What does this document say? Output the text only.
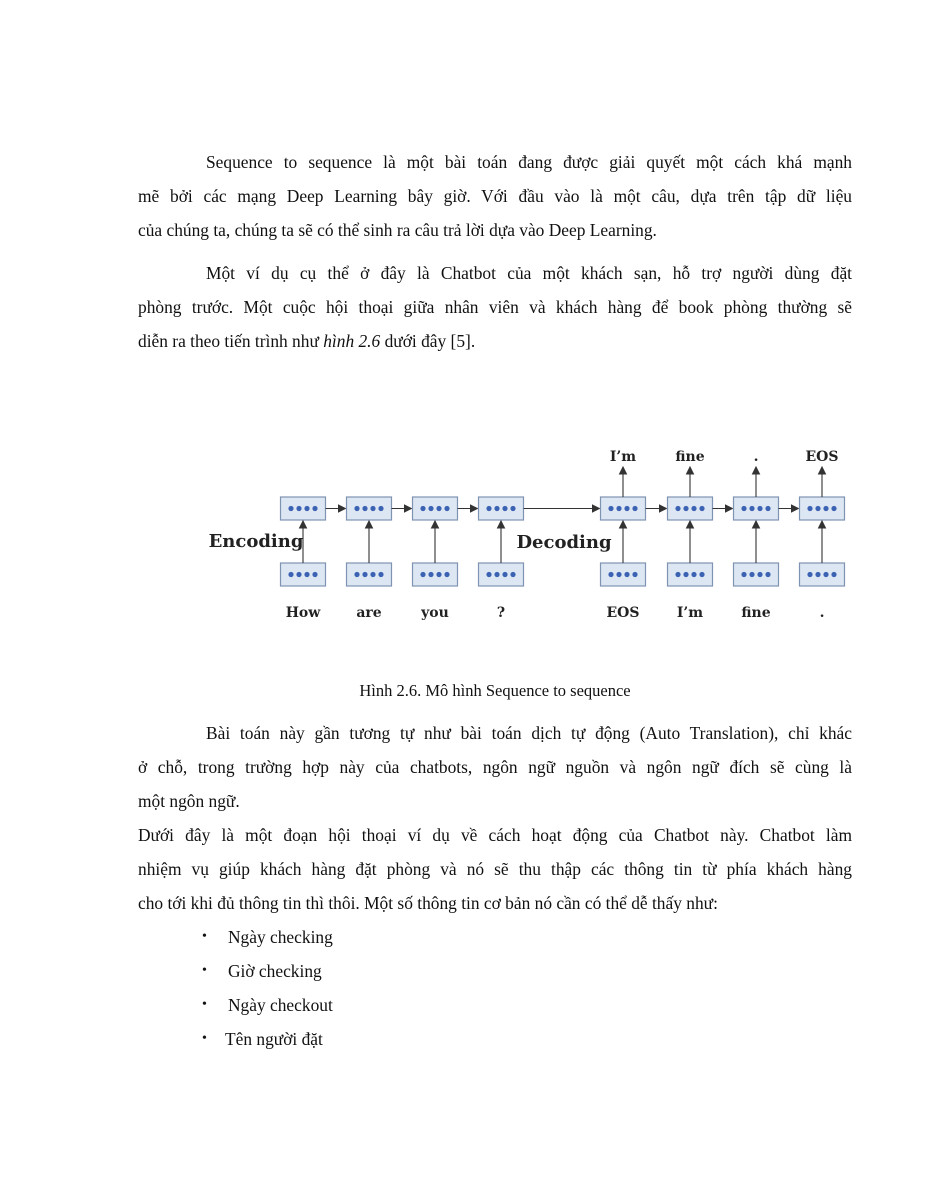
Sequence to sequence là một bài toán đang được giải quyết một cách khá mạnh
mẽ bởi các mạng Deep Learning bây giờ. Với đầu vào là một câu, dựa trên tập dữ liệu
của chúng ta, chúng ta sẽ có thể sinh ra câu trả lời dựa vào Deep Learning.
Một ví dụ cụ thể ở đây là Chatbot của một khách sạn, hỗ trợ người dùng đặt
phòng trước. Một cuộc hội thoại giữa nhân viên và khách hàng để book phòng thường sẽ
diễn ra theo tiến trình như hình 2.6 dưới đây [5].
I’m	fine	.	EOS
How	EOS
are	I’m
you	fine
?	.
Encoding	Decoding
Hình 2.6. Mô hình Sequence to sequence
Bài toán này gần tương tự như bài toán dịch tự động (Auto Translation), chỉ khác
ở chỗ, trong trường hợp này của chatbots, ngôn ngữ nguồn và ngôn ngữ đích sẽ cùng là
một ngôn ngữ.
Dưới đây là một đoạn hội thoại ví dụ về cách hoạt động của Chatbot này. Chatbot làm
nhiệm vụ giúp khách hàng đặt phòng và nó sẽ thu thập các thông tin từ phía khách hàng
cho tới khi đủ thông tin thì thôi. Một số thông tin cơ bản nó cần có thể dễ thấy như:
• Ngày checking
• Giờ checking
• Ngày checkout
• Tên người đặt
